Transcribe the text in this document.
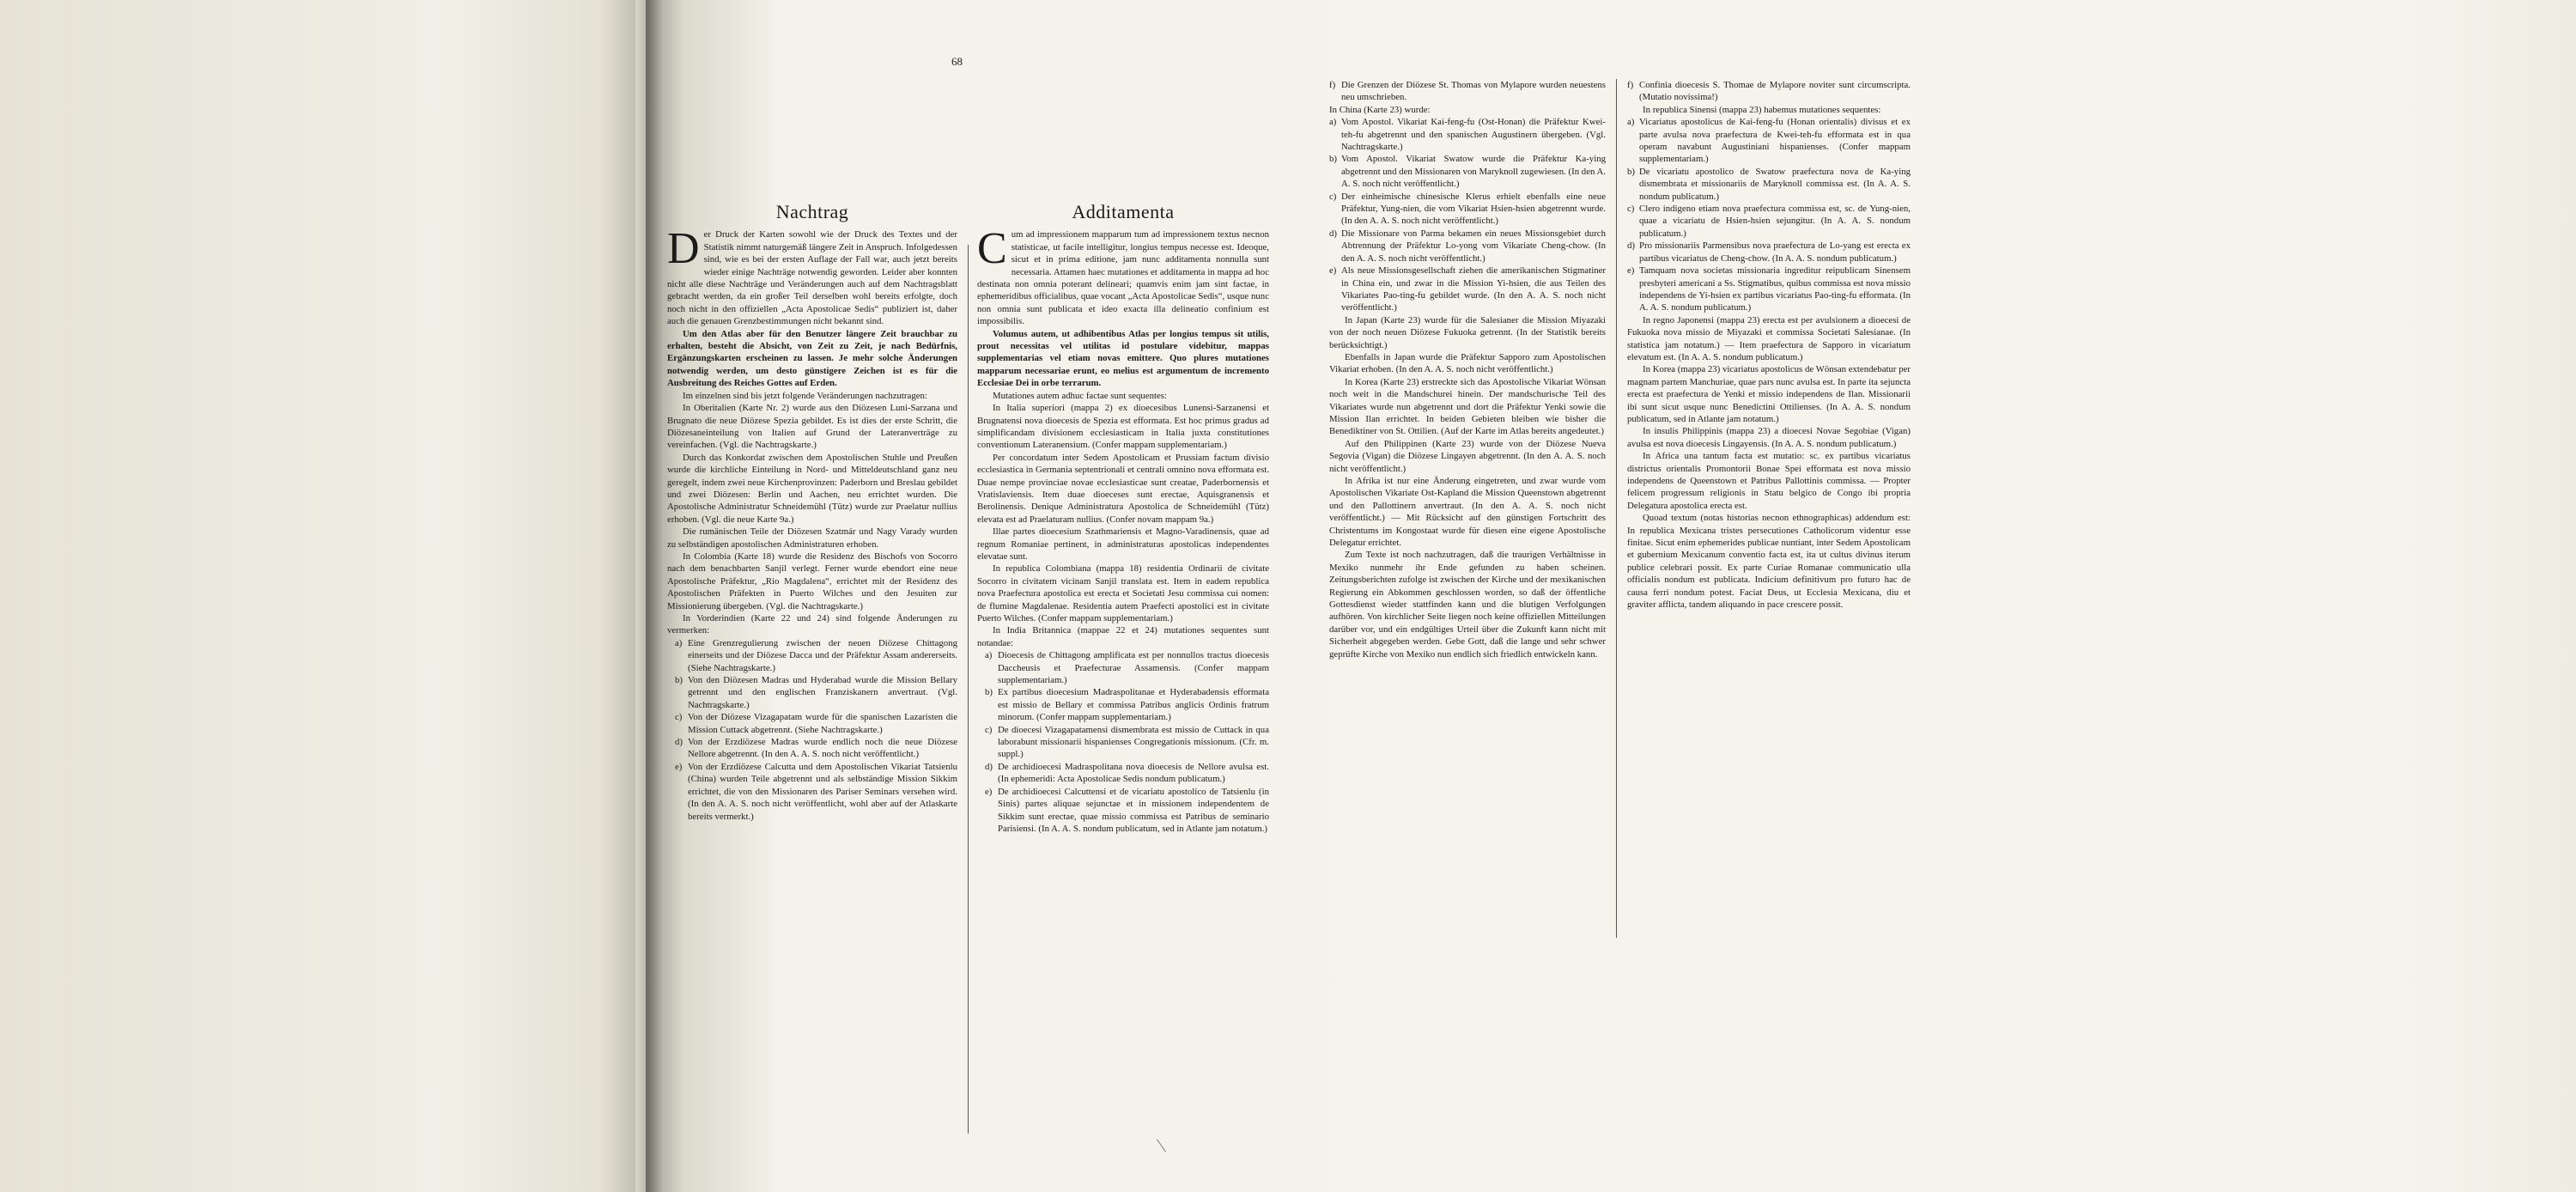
68
Nachtrag

Der Druck der Karten sowohl wie der Druck des Textes und der Statistik nimmt naturgemäß längere Zeit in Anspruch. Infolgedessen sind, wie es bei der ersten Auflage der Fall war, auch jetzt bereits wieder einige Nachträge notwendig geworden. Leider aber konnten nicht alle diese Nachträge und Veränderungen auch auf dem Nachtragsblatt gebracht werden, da ein großer Teil derselben wohl bereits erfolgte, doch noch nicht in den offiziellen „Acta Apostolicae Sedis“ publiziert ist, daher auch die genauen Grenzbestimmungen nicht bekannt sind.

Um den Atlas aber für den Benutzer längere Zeit brauchbar zu erhalten, besteht die Absicht, von Zeit zu Zeit, je nach Bedürfnis, Ergänzungskarten erscheinen zu lassen. Je mehr solche Änderungen notwendig werden, um desto günstigere Zeichen ist es für die Ausbreitung des Reiches Gottes auf Erden.

Im einzelnen sind bis jetzt folgende Veränderungen nachzutragen:

In Oberitalien (Karte Nr. 2) wurde aus den Diözesen Luni-Sarzana und Brugnato die neue Diözese Spezia gebildet. Es ist dies der erste Schritt, die Diözesaneinteilung von Italien auf Grund der Lateranverträge zu vereinfachen. (Vgl. die Nachtragskarte.)

Durch das Konkordat zwischen dem Apostolischen Stuhle und Preußen wurde die kirchliche Einteilung in Nord- und Mitteldeutschland ganz neu geregelt, indem zwei neue Kirchenprovinzen: Paderborn und Breslau gebildet und zwei Diözesen: Berlin und Aachen, neu errichtet wurden. Die Apostolische Administratur Schneidemühl (Tütz) wurde zur Praelatur nullius erhoben. (Vgl. die neue Karte 9a.)

Die rumänischen Teile der Diözesen Szatmár und Nagy Varady wurden zu selbständigen apostolischen Administraturen erhoben.

In Colombia (Karte 18) wurde die Residenz des Bischofs von Socorro nach dem benachbarten Sanjil verlegt. Ferner wurde ebendort eine neue Apostolische Präfektur, „Rio Magdalena“, errichtet mit der Residenz des Apostolischen Präfekten in Puerto Wilches und den Jesuiten zur Missionierung übergeben. (Vgl. die Nachtragskarte.)

In Vorderindien (Karte 22 und 24) sind folgende Änderungen zu vermerken:

a) Eine Grenzregulierung zwischen der neuen Diözese Chittagong einerseits und der Diözese Dacca und der Präfektur Assam andererseits. (Siehe Nachtragskarte.)

b) Von den Diözesen Madras und Hyderabad wurde die Mission Bellary getrennt und den englischen Franziskanern anvertraut. (Vgl. Nachtragskarte.)

c) Von der Diözese Vizagapatam wurde für die spanischen Lazaristen die Mission Cuttack abgetrennt. (Siehe Nachtragskarte.)

d) Von der Erzdiözese Madras wurde endlich noch die neue Diözese Nellore abgetrennt. (In den A. A. S. noch nicht veröffentlicht.)

e) Von der Erzdiözese Calcutta und dem Apostolischen Vikariat Tatsienlu (China) wurden Teile abgetrennt und als selbständige Mission Sikkim errichtet, die von den Missionaren des Pariser Seminars versehen wird. (In den A. A. S. noch nicht veröffentlicht, wohl aber auf der Atlaskarte bereits vermerkt.)

Additamenta

Cum ad impressionem mapparum tum ad impressionem textus necnon statisticae, ut facile intelligitur, longius tempus necesse est. Ideoque, sicut et in prima editione, jam nunc additamenta nonnulla sunt necessaria. Attamen haec mutationes et additamenta in mappa ad hoc destinata non omnia poterant delineari; quamvis enim jam sint factae, in ephemeridibus officialibus, quae vocant „Acta Apostolicae Sedis“, usque nunc non omnia sunt publicata et ideo exacta illa delineatio confinium est impossibilis.

Volumus autem, ut adhibentibus Atlas per longius tempus sit utilis, prout necessitas vel utilitas id postulare videbitur, mappas supplementarias vel etiam novas emittere. Quo plures mutationes mapparum necessariae erunt, eo melius est argumentum de incremento Ecclesiae Dei in orbe terrarum.

Mutationes autem adhuc factae sunt sequentes:

In Italia superiori (mappa 2) ex dioecesibus Lunensi-Sarzanensi et Brugnatensi nova dioecesis de Spezia est efformata. Est hoc primus gradus ad simplificandam divisionem ecclesiasticam in Italia juxta constitutiones conventionum Lateranensium. (Confer mappam supplementariam.)

Per concordatum inter Sedem Apostolicam et Prussiam factum divisio ecclesiastica in Germania septentrionali et centrali omnino nova efformata est. Duae nempe provinciae novae ecclesiasticae sunt creatae, Paderbornensis et Vratislaviensis. Item duae dioeceses sunt erectae, Aquisgranensis et Berolinensis. Denique Administratura Apostolica de Schneidemühl (Tütz) elevata est ad Praelaturam nullius. (Confer novam mappam 9a.)

Illae partes dioecesium Szathmariensis et Magno-Varadinensis, quae ad regnum Romaniae pertinent, in administraturas apostolicas independentes elevatae sunt.

In republica Colombiana (mappa 18) residentia Ordinarii de civitate Socorro in civitatem vicinam Sanjil translata est. Item in eadem republica nova Praefectura apostolica est erecta et Societati Jesu commissa cui nomen: de flumine Magdalenae. Residentia autem Praefecti apostolici est in civitate Puerto Wilches. (Confer mappam supplementariam.)

In India Britannica (mappae 22 et 24) mutationes sequentes sunt notandae:

a) Dioecesis de Chittagong amplificata est per nonnullos tractus dioecesis Daccheusis et Praefecturae Assamensis. (Confer mappam supplementariam.)

b) Ex partibus dioecesium Madraspolitanae et Hyderabadensis efformata est missio de Bellary et commissa Patribus anglicis Ordinis fratrum minorum. (Confer mappam supplementariam.)

c) De dioecesi Vizagapatamensi dismembrata est missio de Cuttack in qua laborabunt missionarii hispanienses Congregationis missionum. (Cfr. m. suppl.)

d) De archidioecesi Madraspolitana nova dioecesis de Nellore avulsa est. (In ephemeridi: Acta Apostolicae Sedis nondum publicatum.)

e) De archidioecesi Calcuttensi et de vicariatu apostolico de Tatsienlu (in Sinis) partes aliquae sejunctae et in missionem independentem de Sikkim sunt erectae, quae missio commissa est Patribus de seminario Parisiensi. (In A. A. S. nondum publicatum, sed in Atlante jam notatum.)

f) Die Grenzen der Diözese St. Thomas von Mylapore wurden neuestens neu umschrieben.

In China (Karte 23) wurde:

a) Vom Apostol. Vikariat Kai-feng-fu (Ost-Honan) die Präfektur Kwei-teh-fu abgetrennt und den spanischen Augustinern übergeben. (Vgl. Nachtragskarte.)

b) Vom Apostol. Vikariat Swatow wurde die Präfektur Ka-ying abgetrennt und den Missionaren von Maryknoll zugewiesen. (In den A. A. S. noch nicht veröffentlicht.)

c) Der einheimische chinesische Klerus erhielt ebenfalls eine neue Präfektur, Yung-nien, die vom Vikariat Hsien-hsien abgetrennt wurde. (In den A. A. S. noch nicht veröffentlicht.)

d) Die Missionare von Parma bekamen ein neues Missionsgebiet durch Abtrennung der Präfektur Lo-yong vom Vikariate Cheng-chow. (In den A. A. S. noch nicht veröffentlicht.)

e) Als neue Missionsgesellschaft ziehen die amerikanischen Stigmatiner in China ein, und zwar in die Mission Yi-hsien, die aus Teilen des Vikariates Pao-ting-fu gebildet wurde. (In den A. A. S. noch nicht veröffentlicht.)

In Japan (Karte 23) wurde für die Salesianer die Mission Miyazaki von der noch neuen Diözese Fukuoka getrennt. (In der Statistik bereits berücksichtigt.)

Ebenfalls in Japan wurde die Präfektur Sapporo zum Apostolischen Vikariat erhoben. (In den A. A. S. noch nicht veröffentlicht.)

In Korea (Karte 23) erstreckte sich das Apostolische Vikariat Wönsan noch weit in die Mandschurei hinein. Der mandschurische Teil des Vikariates wurde nun abgetrennt und dort die Präfektur Yenki sowie die Mission Ilan errichtet. In beiden Gebieten bleiben wie bisher die Benediktiner von St. Ottilien. (Auf der Karte im Atlas bereits angedeutet.)

Auf den Philippinen (Karte 23) wurde von der Diözese Nueva Segovia (Vigan) die Diözese Lingayen abgetrennt. (In den A. A. S. noch nicht veröffentlicht.)

In Afrika ist nur eine Änderung eingetreten, und zwar wurde vom Apostolischen Vikariate Ost-Kapland die Mission Queenstown abgetrennt und den Pallottinern anvertraut. (In den A. A. S. noch nicht veröffentlicht.) — Mit Rücksicht auf den günstigen Fortschritt des Christentums im Kongostaat wurde für diesen eine eigene Apostolische Delegatur errichtet.

Zum Texte ist noch nachzutragen, daß die traurigen Verhältnisse in Mexiko nunmehr ihr Ende gefunden zu haben scheinen. Zeitungsberichten zufolge ist zwischen der Kirche und der mexikanischen Regierung ein Abkommen geschlossen worden, so daß der öffentliche Gottesdienst wieder stattfinden kann und die blutigen Verfolgungen aufhören. Von kirchlicher Seite liegen noch keine offiziellen Mitteilungen darüber vor, und ein endgültiges Urteil über die Zukunft kann nicht mit Sicherheit abgegeben werden. Gebe Gott, daß die lange und sehr schwer geprüfte Kirche von Mexiko nun endlich sich friedlich entwickeln kann.

f) Confinia dioecesis S. Thomae de Mylapore noviter sunt circumscripta. (Mutatio novissima!)

In republica Sinensi (mappa 23) habemus mutationes sequentes:

a) Vicariatus apostolicus de Kai-feng-fu (Honan orientalis) divisus et ex parte avulsa nova praefectura de Kwei-teh-fu efformata est in qua operam navabunt Augustiniani hispanienses. (Confer mappam supplementariam.)

b) De vicariatu apostolico de Swatow praefectura nova de Ka-ying dismembrata et missionariis de Maryknoll commissa est. (In A. A. S. nondum publicatum.)

c) Clero indigeno etiam nova praefectura commissa est, sc. de Yung-nien, quae a vicariatu de Hsien-hsien sejungitur. (In A. A. S. nondum publicatum.)

d) Pro missionariis Parmensibus nova praefectura de Lo-yang est erecta ex partibus vicariatus de Cheng-chow. (In A. A. S. nondum publicatum.)

e) Tamquam nova societas missionaria ingreditur reipublicam Sinensem presbyteri americani a Ss. Stigmatibus, quibus commissa est nova missio independens de Yi-hsien ex partibus vicariatus Pao-ting-fu efformata. (In A. A. S. nondum publicatum.)

In regno Japonensi (mappa 23) erecta est per avulsionem a dioecesi de Fukuoka nova missio de Miyazaki et commissa Societati Salesianae. (In statistica jam notatum.) — Item praefectura de Sapporo in vicariatum elevatum est. (In A. A. S. nondum publicatum.)

In Korea (mappa 23) vicariatus apostolicus de Wönsan extendebatur per magnam partem Manchuriae, quae pars nunc avulsa est. In parte ita sejuncta erecta est praefectura de Yenki et missio independens de Ilan. Missionarii ibi sunt sicut usque nunc Benedictini Ottilienses. (In A. A. S. nondum publicatum, sed in Atlante jam notatum.)

In insulis Philippinis (mappa 23) a dioecesi Novae Segobiae (Vigan) avulsa est nova dioecesis Lingayensis. (In A. A. S. nondum publicatum.)

In Africa una tantum facta est mutatio: sc. ex partibus vicariatus districtus orientalis Promontorii Bonae Spei efformata est nova missio independens de Queenstown et Patribus Pallottinis commissa. — Propter felicem progressum religionis in Statu belgico de Congo ibi propria Delegatura apostolica erecta est.

Quoad textum (notas historias necnon ethnographicas) addendum est: In republica Mexicana tristes persecutiones Catholicorum videntur esse finitae. Sicut enim ephemerides publicae nuntiant, inter Sedem Apostolicam et gubernium Mexicanum conventio facta est, ita ut cultus divinus iterum publice celebrari possit. Ex parte Curiae Romanae communicatio ulla officialis nondum est publicata. Indicium definitivum pro futuro hac de causa ferri nondum potest. Faciat Deus, ut Ecclesia Mexicana, diu et graviter afflicta, tandem aliquando in pace crescere possit.
